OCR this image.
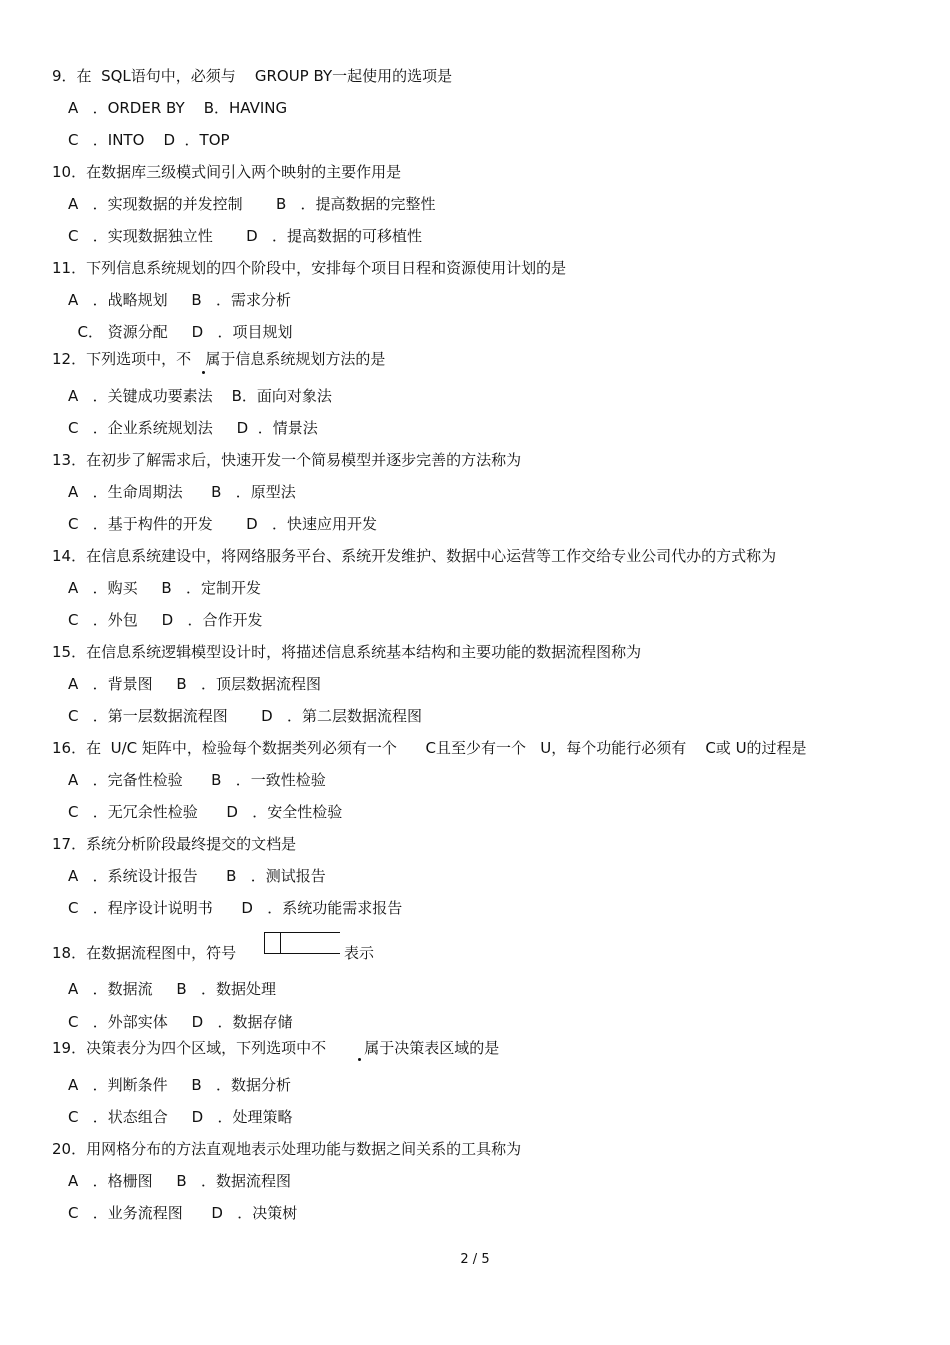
9．在  SQL语句中，必须与    GROUP BY一起使用的选项是
A   ．ORDER BY    B．HAVING
C   ．INTO    D  ．TOP
10．在数据库三级模式间引入两个映射的主要作用是
A   ．实现数据的并发控制       B   ．提高数据的完整性
C   ．实现数据独立性       D   ．提高数据的可移植性
11．下列信息系统规划的四个阶段中，安排每个项目日程和资源使用计划的是
A   ．战略规划     B   ．需求分析
C． 资源分配     D   ．项目规划
12．下列选项中，不   属于信息系统规划方法的是
A   ．关键成功要素法    B．面向对象法
C   ．企业系统规划法     D  ．情景法
13．在初步了解需求后，快速开发一个简易模型并逐步完善的方法称为
A   ．生命周期法      B   ．原型法
C   ．基于构件的开发       D   ．快速应用开发
14．在信息系统建设中，将网络服务平台、系统开发维护、数据中心运营等工作交给专业公司代办的方式称为
A   ．购买     B   ．定制开发
C   ．外包     D   ．合作开发
15．在信息系统逻辑模型设计时，将描述信息系统基本结构和主要功能的数据流程图称为
A   ．背景图     B   ．顶层数据流程图
C   ．第一层数据流程图       D   ．第二层数据流程图
16．在  U/C 矩阵中，检验每个数据类列必须有一个      C且至少有一个   U，每个功能行必须有    C或 U的过程是
A   ．完备性检验      B   ．一致性检验
C   ．无冗余性检验      D   ．安全性检验
17．系统分析阶段最终提交的文档是
A   ．系统设计报告      B   ．测试报告
C   ．程序设计说明书      D   ．系统功能需求报告
18．在数据流程图中，符号	表示
A   ．数据流     B   ．数据处理
C   ．外部实体     D   ．数据存储
19．决策表分为四个区域，下列选项中不        属于决策表区域的是
A   ．判断条件     B   ．数据分析
C   ．状态组合     D   ．处理策略
20．用网格分布的方法直观地表示处理功能与数据之间关系的工具称为
A   ．格栅图     B   ．数据流程图
C   ．业务流程图      D   ．决策树
2 / 5
